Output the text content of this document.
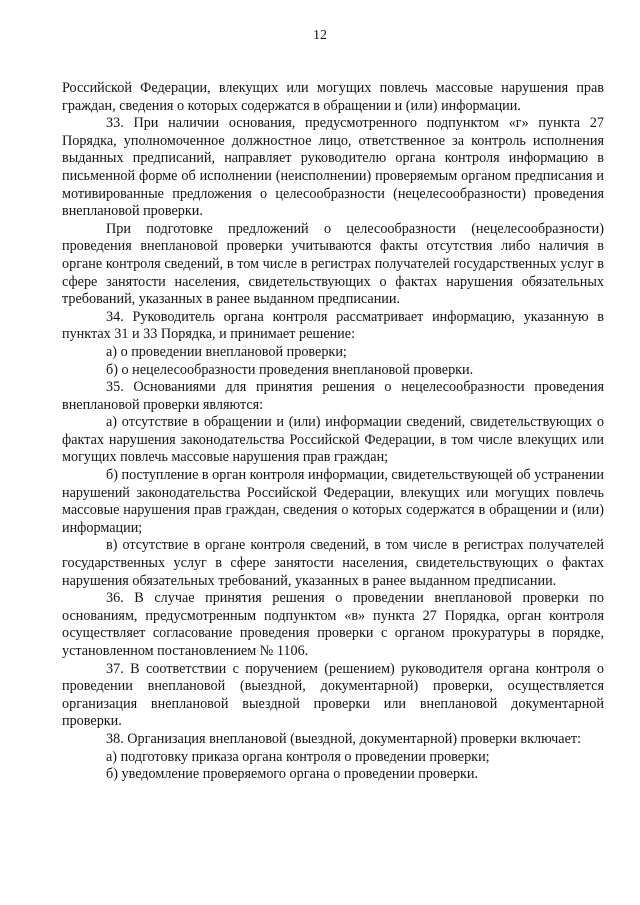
12

Российской Федерации, влекущих или могущих повлечь массовые нарушения прав граждан, сведения о которых содержатся в обращении и (или) информации.

33. При наличии основания, предусмотренного подпунктом «г» пункта 27 Порядка, уполномоченное должностное лицо, ответственное за контроль исполнения выданных предписаний, направляет руководителю органа контроля информацию в письменной форме об исполнении (неисполнении) проверяемым органом предписания и мотивированные предложения о целесообразности (нецелесообразности) проведения внеплановой проверки.

При подготовке предложений о целесообразности (нецелесообразности) проведения внеплановой проверки учитываются факты отсутствия либо наличия в органе контроля сведений, в том числе в регистрах получателей государственных услуг в сфере занятости населения, свидетельствующих о фактах нарушения обязательных требований, указанных в ранее выданном предписании.

34. Руководитель органа контроля рассматривает информацию, указанную в пунктах 31 и 33 Порядка, и принимает решение:

а) о проведении внеплановой проверки;

б) о нецелесообразности проведения внеплановой проверки.

35. Основаниями для принятия решения о нецелесообразности проведения внеплановой проверки являются:

а) отсутствие в обращении и (или) информации сведений, свидетельствующих о фактах нарушения законодательства Российской Федерации, в том числе влекущих или могущих повлечь массовые нарушения прав граждан;

б) поступление в орган контроля информации, свидетельствующей об устранении нарушений законодательства Российской Федерации, влекущих или могущих повлечь массовые нарушения прав граждан, сведения о которых содержатся в обращении и (или) информации;

в) отсутствие в органе контроля сведений, в том числе в регистрах получателей государственных услуг в сфере занятости населения, свидетельствующих о фактах нарушения обязательных требований, указанных в ранее выданном предписании.

36. В случае принятия решения о проведении внеплановой проверки по основаниям, предусмотренным подпунктом «в» пункта 27 Порядка, орган контроля осуществляет согласование проведения проверки с органом прокуратуры в порядке, установленном постановлением № 1106.

37. В соответствии с поручением (решением) руководителя органа контроля о проведении внеплановой (выездной, документарной) проверки, осуществляется организация внеплановой выездной проверки или внеплановой документарной проверки.

38. Организация внеплановой (выездной, документарной) проверки включает:

а) подготовку приказа органа контроля о проведении проверки;

б) уведомление проверяемого органа о проведении проверки.
